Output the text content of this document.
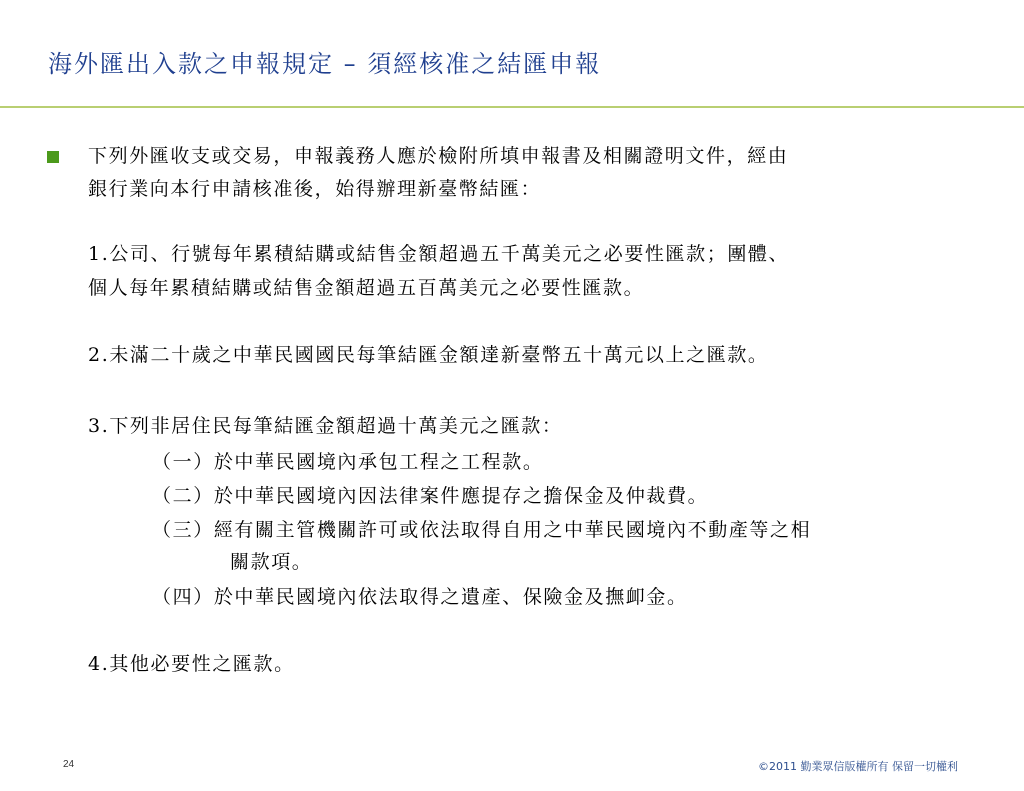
海外匯出入款之申報規定 – 須經核准之結匯申報
下列外匯收支或交易，申報義務人應於檢附所填申報書及相關證明文件，經由
銀行業向本行申請核准後，始得辦理新臺幣結匯：
1.公司、行號每年累積結購或結售金額超過五千萬美元之必要性匯款；團體、
個人每年累積結購或結售金額超過五百萬美元之必要性匯款。
2.未滿二十歲之中華民國國民每筆結匯金額達新臺幣五十萬元以上之匯款。
3.下列非居住民每筆結匯金額超過十萬美元之匯款：
（一）於中華民國境內承包工程之工程款。
（二）於中華民國境內因法律案件應提存之擔保金及仲裁費。
（三）經有關主管機關許可或依法取得自用之中華民國境內不動產等之相
關款項。
（四）於中華民國境內依法取得之遺產、保險金及撫卹金。
4.其他必要性之匯款。
24	©2011 勤業眾信版權所有 保留一切權利
